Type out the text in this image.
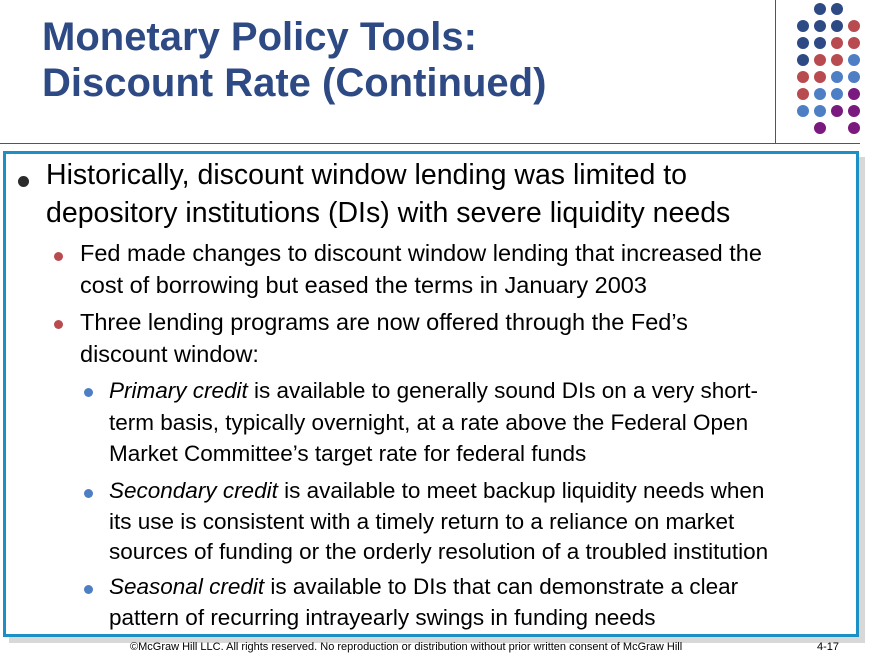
Monetary Policy Tools:
Discount Rate (Continued)
Historically, discount window lending was limited to
depository institutions (DIs) with severe liquidity needs
Fed made changes to discount window lending that increased the
cost of borrowing but eased the terms in January 2003
Three lending programs are now offered through the Fed’s
discount window:
Primary credit is available to generally sound DIs on a very short-
term basis, typically overnight, at a rate above the Federal Open
Market Committee’s target rate for federal funds
Secondary credit is available to meet backup liquidity needs when
its use is consistent with a timely return to a reliance on market
sources of funding or the orderly resolution of a troubled institution
Seasonal credit is available to DIs that can demonstrate a clear
pattern of recurring intrayearly swings in funding needs
©McGraw Hill LLC. All rights reserved. No reproduction or distribution without prior written consent of McGraw Hill	4-17
